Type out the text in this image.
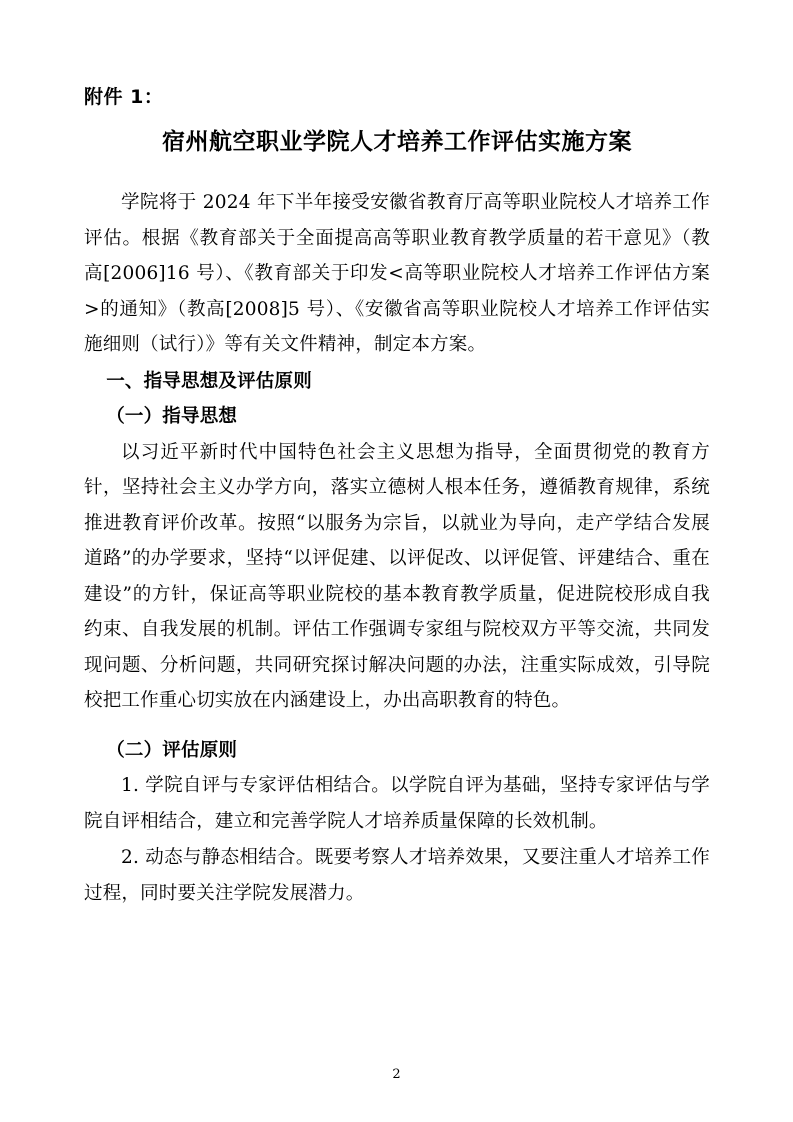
附件 1：

宿州航空职业学院人才培养工作评估实施方案

学院将于 2024 年下半年接受安徽省教育厅高等职业院校人才培养工作评估。根据《教育部关于全面提高高等职业教育教学质量的若干意见》（教高[2006]16 号）、《教育部关于印发<高等职业院校人才培养工作评估方案>的通知》（教高[2008]5 号）、《安徽省高等职业院校人才培养工作评估实施细则（试行）》等有关文件精神，制定本方案。

一、指导思想及评估原则

（一）指导思想

以习近平新时代中国特色社会主义思想为指导，全面贯彻党的教育方针，坚持社会主义办学方向，落实立德树人根本任务，遵循教育规律，系统推进教育评价改革。按照“以服务为宗旨，以就业为导向，走产学结合发展道路”的办学要求，坚持“以评促建、以评促改、以评促管、评建结合、重在建设”的方针，保证高等职业院校的基本教育教学质量，促进院校形成自我约束、自我发展的机制。评估工作强调专家组与院校双方平等交流，共同发现问题、分析问题，共同研究探讨解决问题的办法，注重实际成效，引导院校把工作重心切实放在内涵建设上，办出高职教育的特色。

（二）评估原则

1. 学院自评与专家评估相结合。以学院自评为基础，坚持专家评估与学院自评相结合，建立和完善学院人才培养质量保障的长效机制。

2. 动态与静态相结合。既要考察人才培养效果，又要注重人才培养工作过程，同时要关注学院发展潜力。

2
